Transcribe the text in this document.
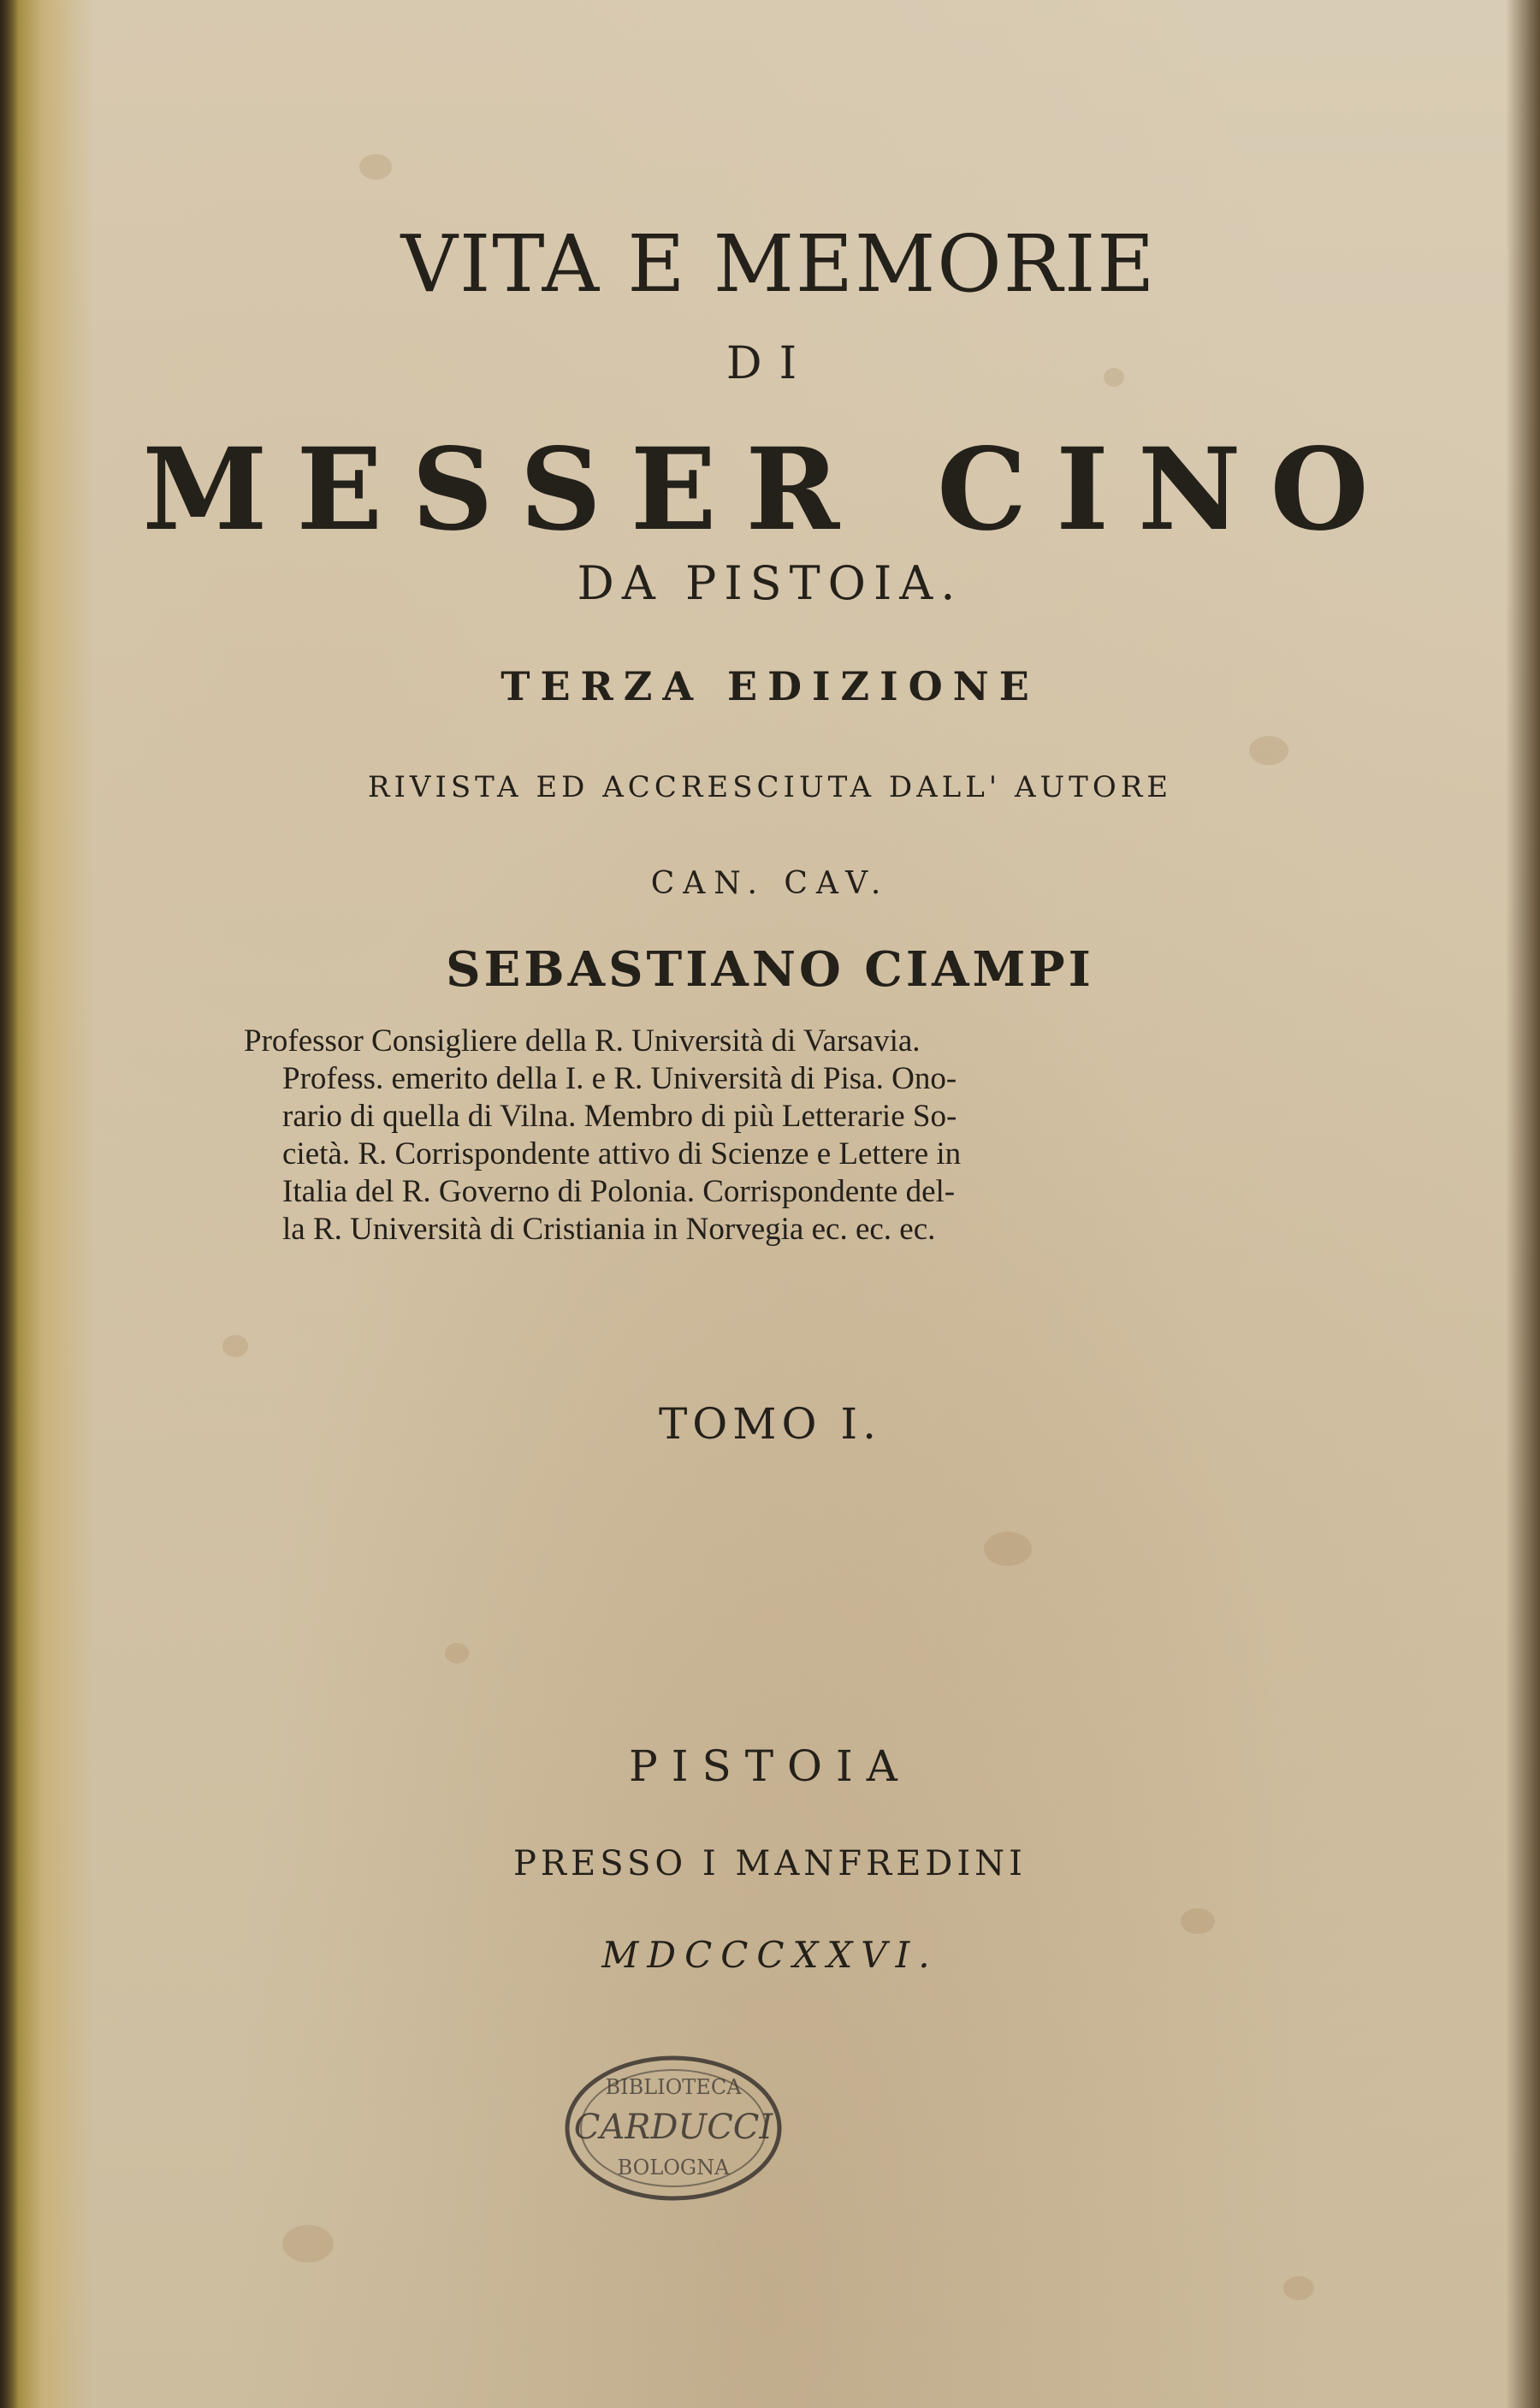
VITA E MEMORIE
DI
MESSER CINO
DA PISTOIA.
TERZA EDIZIONE
RIVISTA ED ACCRESCIUTA DALL' AUTORE
CAN. CAV.
SEBASTIANO CIAMPI
Professor Consigliere della R. Università di Varsavia.
Profess. emerito della I. e R. Università di Pisa. Ono-
rario di quella di Vilna. Membro di più Letterarie So-
cietà. R. Corrispondente attivo di Scienze e Lettere in
Italia del R. Governo di Polonia. Corrispondente del-
la R. Università di Cristiania in Norvegia ec. ec. ec.
TOMO I.
PISTOIA
PRESSO I MANFREDINI
MDCCCXXVI.
BIBLIOTECA
CARDUCCI
BOLOGNA
